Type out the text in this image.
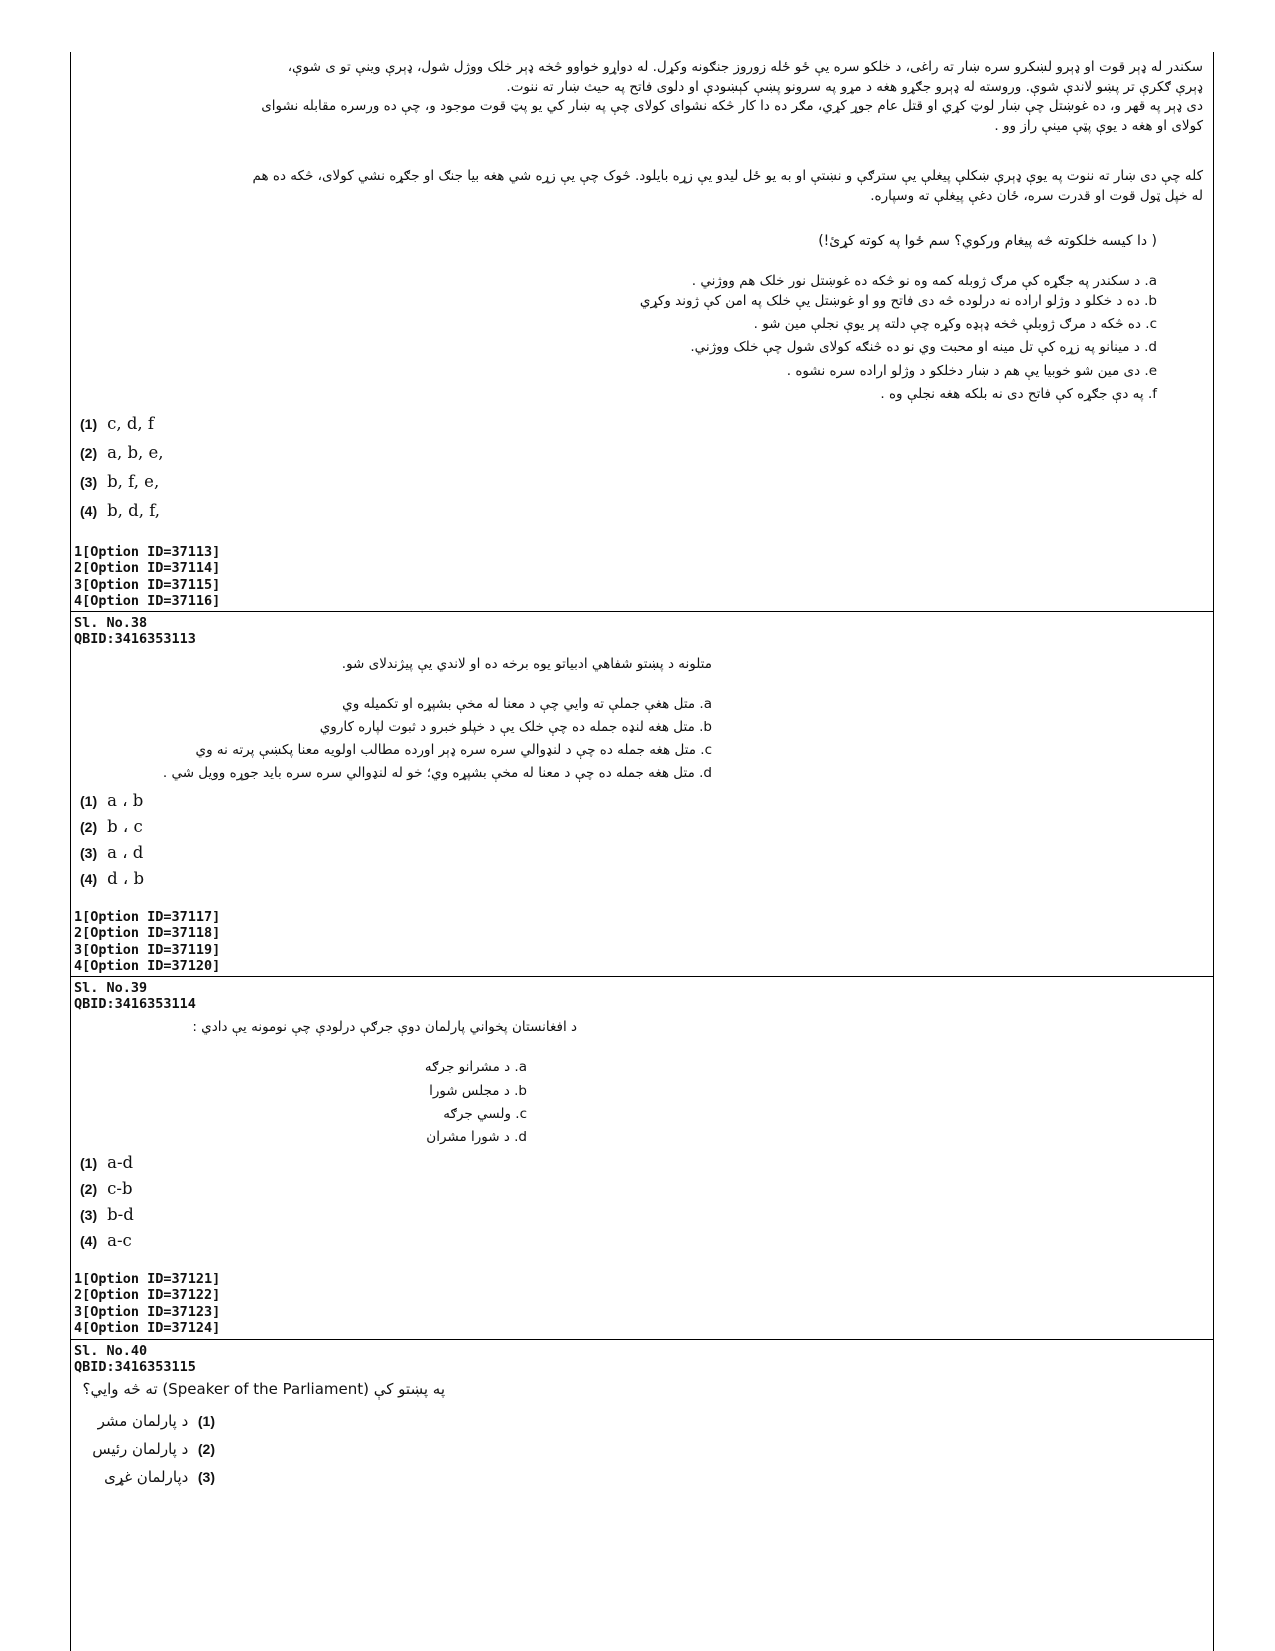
سکندر له ډېر قوت او ډېرو لښکرو سره ښار ته راغی، د خلکو سره یې ځو ځله زوروز جنګونه وکړل. له دواړو خواوو څخه ډېر خلک ووژل شول، ډېرې وینې تو ی شوې،
ډېرې ګکرې تر پښو لاندې شوې. وروسته له ډېرو جګړو هغه د مړو په سرونو پښې کېښودې او دلوی فاتح په حیث ښار ته ننوت.
دی ډېر په قهر و، ده غوښتل چې ښار لوټ کړي او قتل عام جوړ کړي، مګر ده دا کار څکه نشوای کولای چې په ښار کي یو پټ قوت موجود و، چې ده ورسره مقابله نشوای
کولای او هغه د یوې پټې مینې راز وو .
کله چې دی ښار ته ننوت په یوې ډېرې ښکلې پیغلې یې سترګې و نښتې او به یو ځل لیدو یې زړه بایلود. څوک چې یې زړه شي هغه بیا جنګ او جګړه نشي کولای، څکه ده هم
له خپل ټول قوت او قدرت سره، ځان دغې پیغلې ته وسپاره.
( دا کیسه خلکوته څه پیغام ورکوي؟ سم ځوا په کوته کړئ!)
a. د سکندر په جګړه کې مرګ ژوبله کمه وه نو څکه ده غوښتل نور خلک هم ووژني .
b. ده د خکلو د وژلو اراده نه درلوده څه دی فاتح وو او غوښتل یې خلک په امن کې ژوند وکړي
c. ده څکه د مرګ ژوبلې څخه ډېډه وکړه چې دلته پر یوې نجلې مین شو .
d. د مینانو په زړه کې تل مینه او محبت وي نو ده څنګه کولای شول چې خلک ووژني.
e. دی مین شو خوبیا یې هم د ښار دخلکو د وژلو اراده سره نشوه .
f. په دې جګړه کې فاتح دی نه بلکه هغه نجلې وه .
(1) c, d, f
(2) a, b, e,
(3) b, f, e,
(4) b, d, f,
1[Option ID=37113]
2[Option ID=37114]
3[Option ID=37115]
4[Option ID=37116]
Sl. No.38
QBID:3416353113
متلونه د پښتو شفاهي ادبیاتو یوه برخه ده او لاندي یې پیژندلای شو.
a. متل هغې جملې ته وایي چې د معنا له مخې بشپړه او تکمیله وي
b. متل هغه لنډه جمله ده چې خلک یې د خپلو خبرو د ثبوت لپاره کاروي
c. متل هغه جمله ده چې د لنډوالي سره سره ډېر اورده مطالب اولویه معنا پکښې پرته نه وي
d. متل هغه جمله ده چې د معنا له مخې بشپړه وي؛ خو له لنډوالي سره سره باید جوړه وویل شي .
(1) a ، b
(2) b ، c
(3) a ، d
(4) d ، b
1[Option ID=37117]
2[Option ID=37118]
3[Option ID=37119]
4[Option ID=37120]
Sl. No.39
QBID:3416353114
د افغانستان پخواني پارلمان دوې جرګې درلودې چې نومونه یې دادي :
a. د مشرانو جرګه
b. د مجلس شورا
c. ولسي جرګه
d. د شورا مشران
(1) a-d
(2) c-b
(3) b-d
(4) a-c
1[Option ID=37121]
2[Option ID=37122]
3[Option ID=37123]
4[Option ID=37124]
Sl. No.40
QBID:3416353115
په پښتو کې (Speaker of the Parliament) ته څه وایي؟
(1)  د پارلمان مشر
(2)  د پارلمان رئیس
(3)  دپارلمان غړی
